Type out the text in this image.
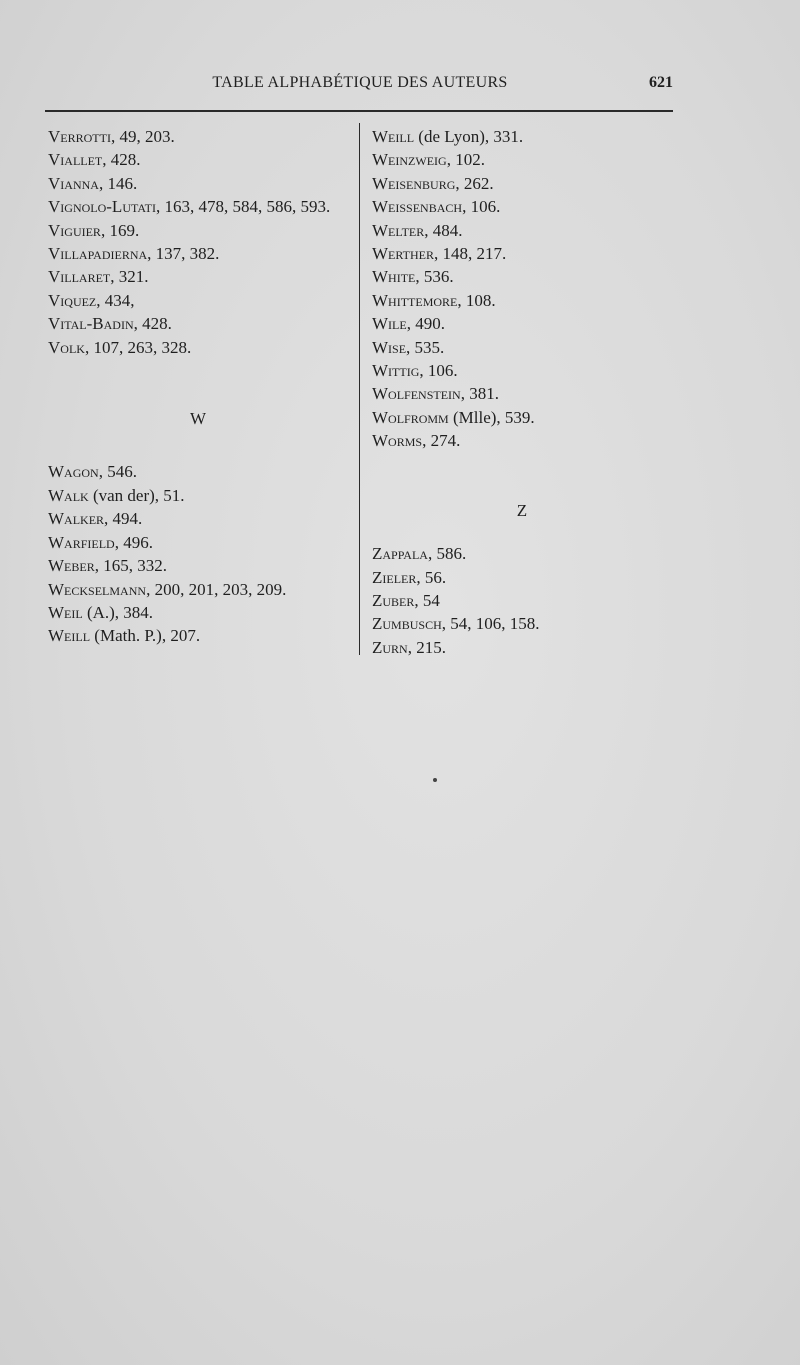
TABLE ALPHABÉTIQUE DES AUTEURS	621
Verrotti, 49, 203.
Viallet, 428.
Vianna, 146.
Vignolo-Lutati, 163, 478, 584, 586, 593.
Viguier, 169.
Villapadierna, 137, 382.
Villaret, 321.
Viquez, 434,
Vital-Badin, 428.
Volk, 107, 263, 328.
W
Wagon, 546.
Walk (van der), 51.
Walker, 494.
Warfield, 496.
Weber, 165, 332.
Weckselmann, 200, 201, 203, 209.
Weil (A.), 384.
Weill (Math. P.), 207.
Weill (de Lyon), 331.
Weinzweig, 102.
Weisenburg, 262.
Weissenbach, 106.
Welter, 484.
Werther, 148, 217.
White, 536.
Whittemore, 108.
Wile, 490.
Wise, 535.
Wittig, 106.
Wolfenstein, 381.
Wolfromm (Mlle), 539.
Worms, 274.
Z
Zappala, 586.
Zieler, 56.
Zuber, 54
Zumbusch, 54, 106, 158.
Zurn, 215.
